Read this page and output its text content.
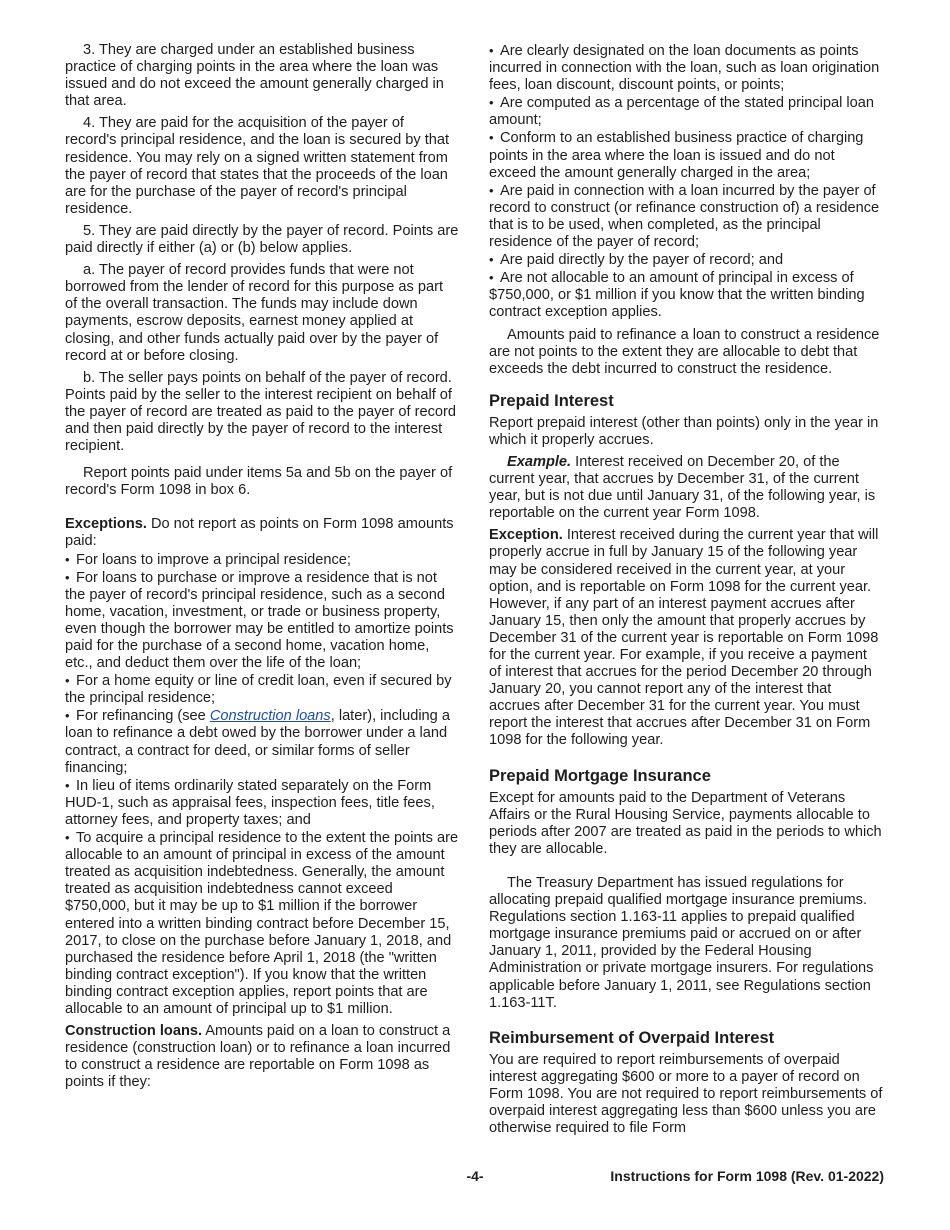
3. They are charged under an established business practice of charging points in the area where the loan was issued and do not exceed the amount generally charged in that area.

4. They are paid for the acquisition of the payer of record's principal residence, and the loan is secured by that residence. You may rely on a signed written statement from the payer of record that states that the proceeds of the loan are for the purchase of the payer of record's principal residence.

5. They are paid directly by the payer of record. Points are paid directly if either (a) or (b) below applies.

a. The payer of record provides funds that were not borrowed from the lender of record for this purpose as part of the overall transaction. The funds may include down payments, escrow deposits, earnest money applied at closing, and other funds actually paid over by the payer of record at or before closing.

b. The seller pays points on behalf of the payer of record. Points paid by the seller to the interest recipient on behalf of the payer of record are treated as paid to the payer of record and then paid directly by the payer of record to the interest recipient.

Report points paid under items 5a and 5b on the payer of record's Form 1098 in box 6.

Exceptions. Do not report as points on Form 1098 amounts paid:

• For loans to improve a principal residence;

• For loans to purchase or improve a residence that is not the payer of record's principal residence, such as a second home, vacation, investment, or trade or business property, even though the borrower may be entitled to amortize points paid for the purchase of a second home, vacation home, etc., and deduct them over the life of the loan;

• For a home equity or line of credit loan, even if secured by the principal residence;

• For refinancing (see Construction loans, later), including a loan to refinance a debt owed by the borrower under a land contract, a contract for deed, or similar forms of seller financing;

• In lieu of items ordinarily stated separately on the Form HUD-1, such as appraisal fees, inspection fees, title fees, attorney fees, and property taxes; and

• To acquire a principal residence to the extent the points are allocable to an amount of principal in excess of the amount treated as acquisition indebtedness. Generally, the amount treated as acquisition indebtedness cannot exceed $750,000, but it may be up to $1 million if the borrower entered into a written binding contract before December 15, 2017, to close on the purchase before January 1, 2018, and purchased the residence before April 1, 2018 (the "written binding contract exception"). If you know that the written binding contract exception applies, report points that are allocable to an amount of principal up to $1 million.

Construction loans. Amounts paid on a loan to construct a residence (construction loan) or to refinance a loan incurred to construct a residence are reportable on Form 1098 as points if they:

• Are clearly designated on the loan documents as points incurred in connection with the loan, such as loan origination fees, loan discount, discount points, or points;

• Are computed as a percentage of the stated principal loan amount;

• Conform to an established business practice of charging points in the area where the loan is issued and do not exceed the amount generally charged in the area;

• Are paid in connection with a loan incurred by the payer of record to construct (or refinance construction of) a residence that is to be used, when completed, as the principal residence of the payer of record;

• Are paid directly by the payer of record; and

• Are not allocable to an amount of principal in excess of $750,000, or $1 million if you know that the written binding contract exception applies.

Amounts paid to refinance a loan to construct a residence are not points to the extent they are allocable to debt that exceeds the debt incurred to construct the residence.

Prepaid Interest

Report prepaid interest (other than points) only in the year in which it properly accrues.

Example. Interest received on December 20, of the current year, that accrues by December 31, of the current year, but is not due until January 31, of the following year, is reportable on the current year Form 1098.

Exception. Interest received during the current year that will properly accrue in full by January 15 of the following year may be considered received in the current year, at your option, and is reportable on Form 1098 for the current year. However, if any part of an interest payment accrues after January 15, then only the amount that properly accrues by December 31 of the current year is reportable on Form 1098 for the current year. For example, if you receive a payment of interest that accrues for the period December 20 through January 20, you cannot report any of the interest that accrues after December 31 for the current year. You must report the interest that accrues after December 31 on Form 1098 for the following year.

Prepaid Mortgage Insurance

Except for amounts paid to the Department of Veterans Affairs or the Rural Housing Service, payments allocable to periods after 2007 are treated as paid in the periods to which they are allocable.

The Treasury Department has issued regulations for allocating prepaid qualified mortgage insurance premiums. Regulations section 1.163-11 applies to prepaid qualified mortgage insurance premiums paid or accrued on or after January 1, 2011, provided by the Federal Housing Administration or private mortgage insurers. For regulations applicable before January 1, 2011, see Regulations section 1.163-11T.

Reimbursement of Overpaid Interest

You are required to report reimbursements of overpaid interest aggregating $600 or more to a payer of record on Form 1098. You are not required to report reimbursements of overpaid interest aggregating less than $600 unless you are otherwise required to file Form

-4-	Instructions for Form 1098 (Rev. 01-2022)
